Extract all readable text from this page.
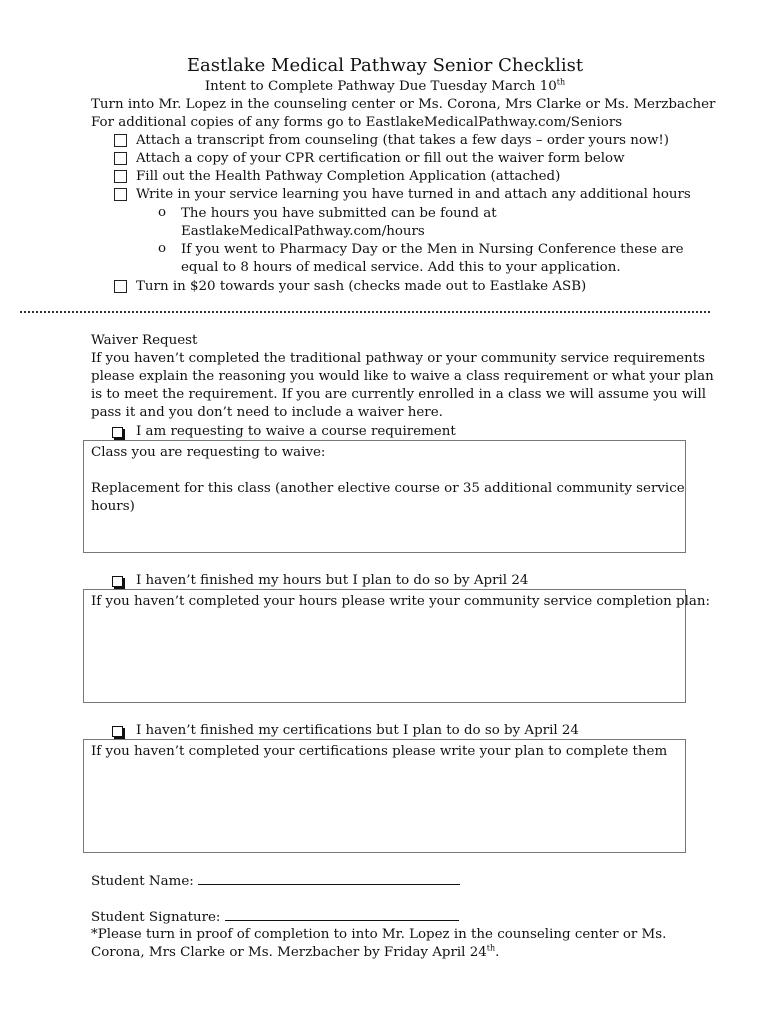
Eastlake Medical Pathway Senior Checklist
Intent to Complete Pathway Due Tuesday March 10th
Turn into Mr. Lopez in the counseling center or Ms. Corona, Mrs Clarke or Ms. Merzbacher
For additional copies of any forms go to EastlakeMedicalPathway.com/Seniors
Attach a transcript from counseling (that takes a few days – order yours now!)
Attach a copy of your CPR certification or fill out the waiver form below
Fill out the Health Pathway Completion Application (attached)
Write in your service learning you have turned in and attach any additional hours
o The hours you have submitted can be found at
EastlakeMedicalPathway.com/hours
o If you went to Pharmacy Day or the Men in Nursing Conference these are
equal to 8 hours of medical service. Add this to your application.
Turn in $20 towards your sash (checks made out to Eastlake ASB)
Waiver Request
If you haven’t completed the traditional pathway or your community service requirements
please explain the reasoning you would like to waive a class requirement or what your plan
is to meet the requirement. If you are currently enrolled in a class we will assume you will
pass it and you don’t need to include a waiver here.
I am requesting to waive a course requirement
Class you are requesting to waive:
Replacement for this class (another elective course or 35 additional community service
hours)
I haven’t finished my hours but I plan to do so by April 24
If you haven’t completed your hours please write your community service completion plan:
I haven’t finished my certifications but I plan to do so by April 24
If you haven’t completed your certifications please write your plan to complete them
Student Name:
Student Signature:
*Please turn in proof of completion to into Mr. Lopez in the counseling center or Ms.
Corona, Mrs Clarke or Ms. Merzbacher by Friday April 24th.
